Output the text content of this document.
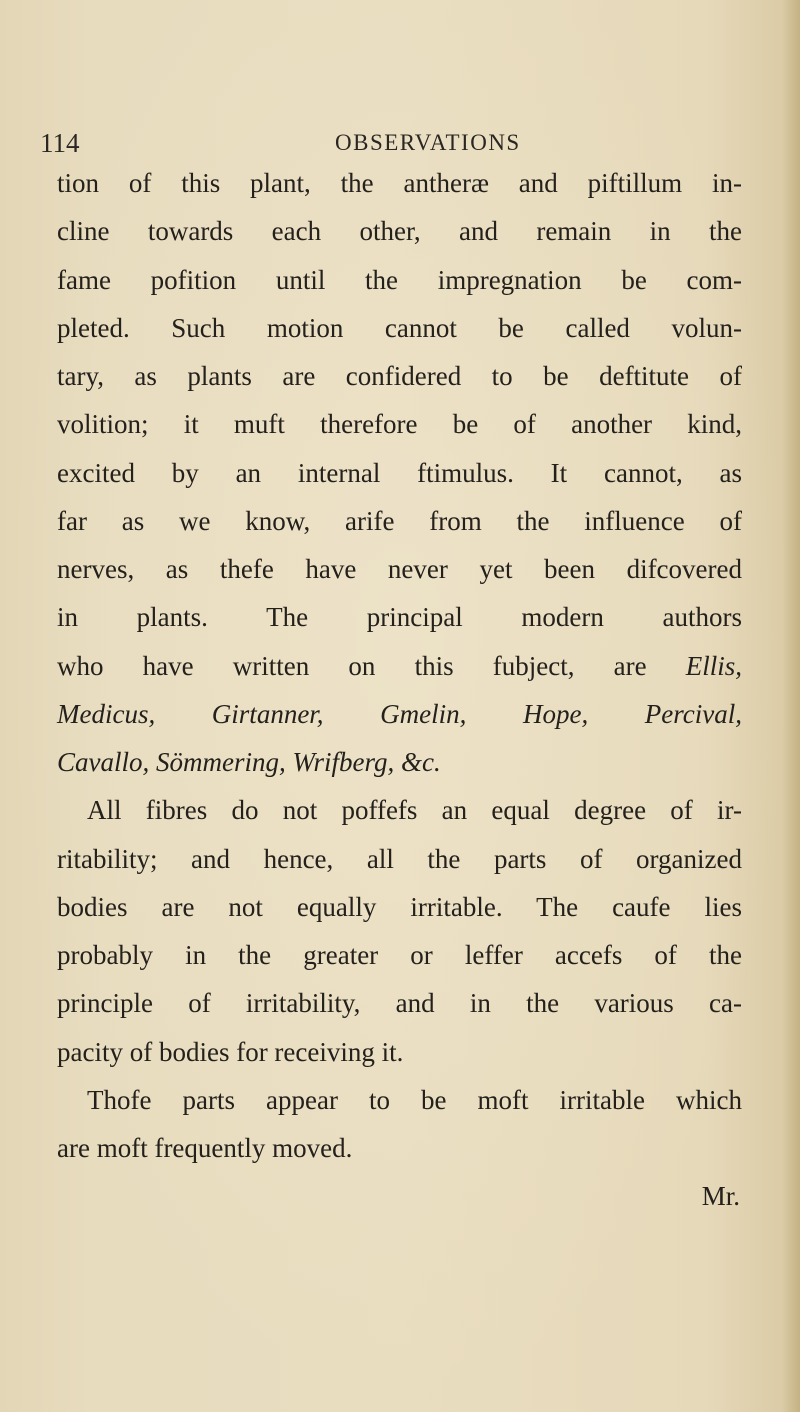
114	OBSERVATIONS
tion of this plant, the antheræ and piftillum in-
cline towards each other, and remain in the
fame pofition until the impregnation be com-
pleted. Such motion cannot be called volun-
tary, as plants are confidered to be deftitute of
volition; it muft therefore be of another kind,
excited by an internal ftimulus. It cannot, as
far as we know, arife from the influence of
nerves, as thefe have never yet been difcovered
in plants. The principal modern authors
who have written on this fubject, are Ellis,
Medicus, Girtanner, Gmelin, Hope, Percival,
Cavallo, Sömmering, Wrifberg, &c.
All fibres do not poffefs an equal degree of ir-
ritability; and hence, all the parts of organized
bodies are not equally irritable. The caufe lies
probably in the greater or leffer accefs of the
principle of irritability, and in the various ca-
pacity of bodies for receiving it.
Thofe parts appear to be moft irritable which
are moft frequently moved.
Mr.
